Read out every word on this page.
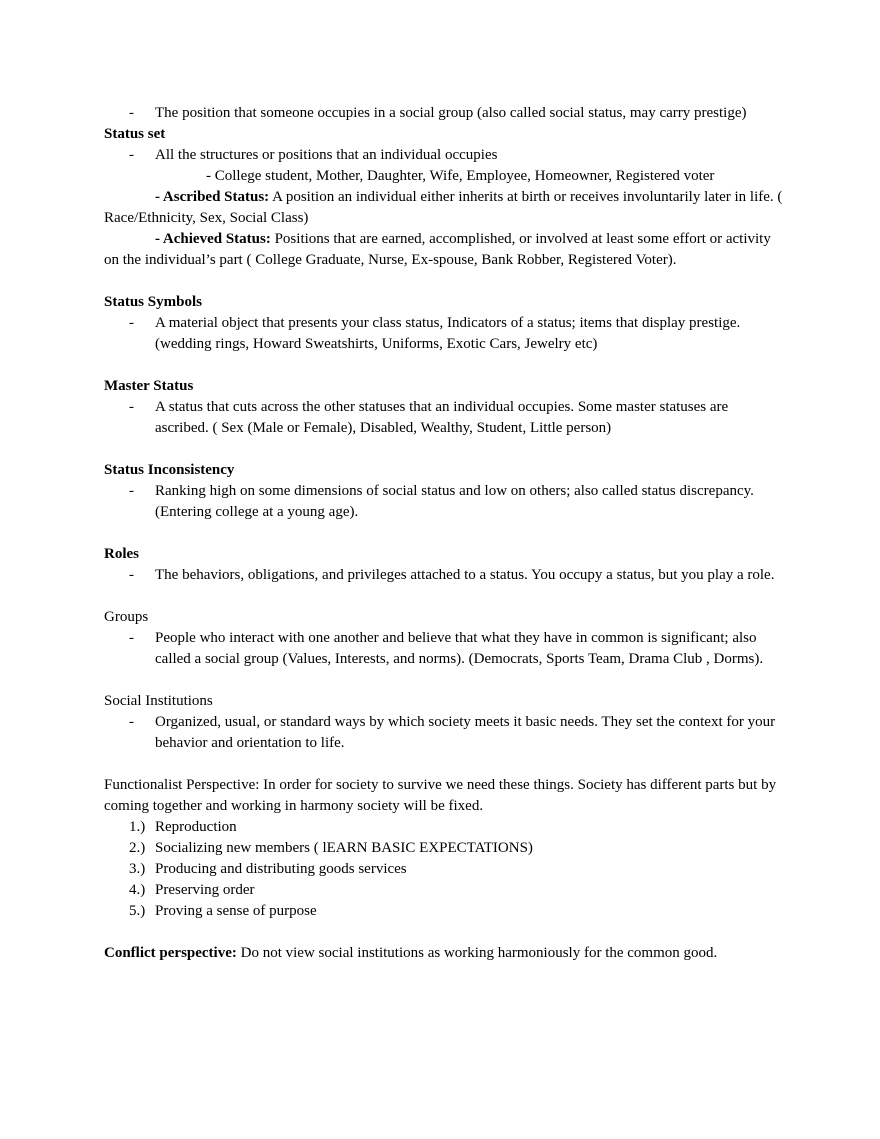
- The position that someone occupies in a social group (also called social status, may carry prestige)
Status set
- All the structures or positions that an individual occupies
- College student, Mother, Daughter, Wife, Employee, Homeowner, Registered voter
- Ascribed Status: A position an individual either inherits at birth or receives involuntarily later in life. ( Race/Ethnicity, Sex, Social Class)
- Achieved Status: Positions that are earned, accomplished, or involved at least some effort or activity on the individual’s part ( College Graduate, Nurse, Ex-spouse, Bank Robber, Registered Voter).
Status Symbols
- A material object that presents your class status, Indicators of a status; items that display prestige. (wedding rings, Howard Sweatshirts, Uniforms, Exotic Cars, Jewelry etc)
Master Status
- A status that cuts across the other statuses that an individual occupies. Some master statuses are ascribed. ( Sex (Male or Female), Disabled, Wealthy, Student, Little person)
Status Inconsistency
- Ranking high on some dimensions of social status and low on others; also called status discrepancy. (Entering college at a young age).
Roles
- The behaviors, obligations, and privileges attached to a status. You occupy a status, but you play a role.
Groups
- People who interact with one another and believe that what they have in common is significant; also called a social group (Values, Interests, and norms). (Democrats, Sports Team, Drama Club , Dorms).
Social Institutions
- Organized, usual, or standard ways by which society meets it basic needs. They set the context for your behavior and orientation to life.
Functionalist Perspective: In order for society to survive we need these things. Society has different parts but by coming together and working in harmony society will be fixed.
1.) Reproduction
2.) Socializing new members ( lEARN BASIC EXPECTATIONS)
3.) Producing and distributing goods services
4.) Preserving order
5.) Proving a sense of purpose
Conflict perspective: Do not view social institutions as working harmoniously for the common good.
